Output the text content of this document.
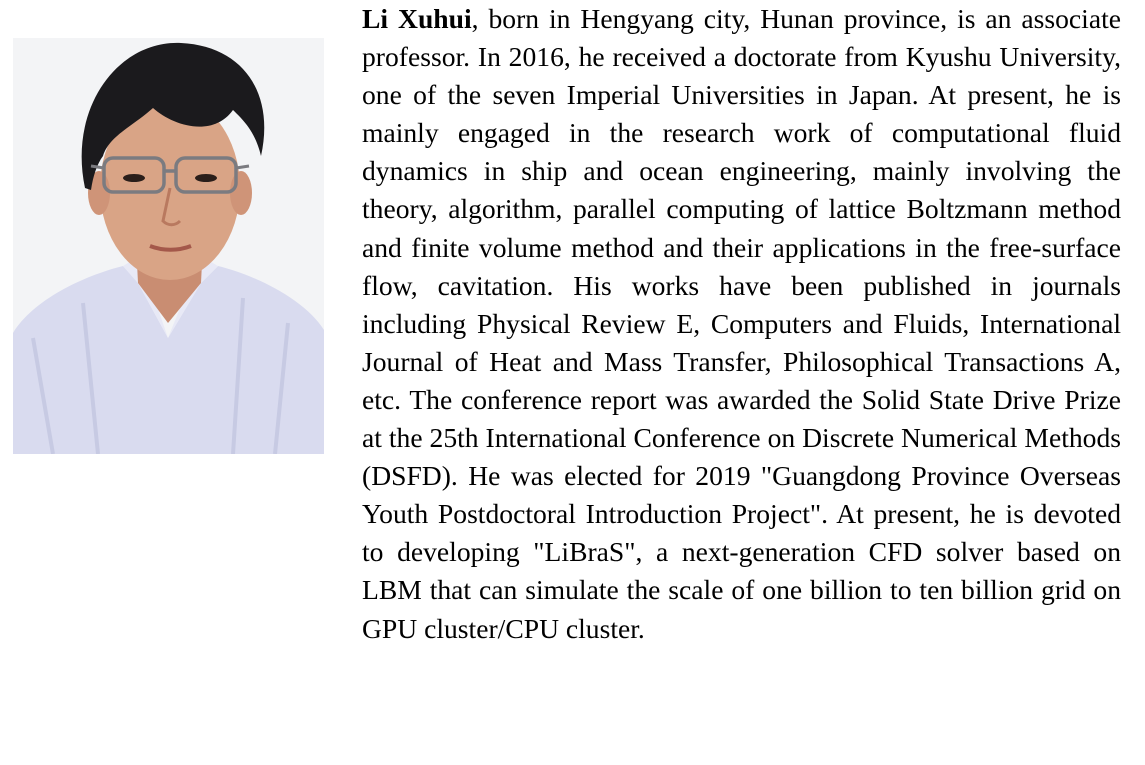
Li Xuhui, born in Hengyang city, Hunan province, is an associate professor. In 2016, he received a doctorate from Kyushu University, one of the seven Imperial Universities in Japan. At present, he is mainly engaged in the research work of computational fluid dynamics in ship and ocean engineering, mainly involving the theory, algorithm, parallel computing of lattice Boltzmann method and finite volume method and their applications in the free-surface flow, cavitation. His works have been published in journals including Physical Review E, Computers and Fluids, International Journal of Heat and Mass Transfer, Philosophical Transactions A, etc. The conference report was awarded the Solid State Drive Prize at the 25th International Conference on Discrete Numerical Methods (DSFD). He was elected for 2019 "Guangdong Province Overseas Youth Postdoctoral Introduction Project". At present, he is devoted to developing "LiBraS", a next-generation CFD solver based on LBM that can simulate the scale of one billion to ten billion grid on GPU cluster/CPU cluster.
